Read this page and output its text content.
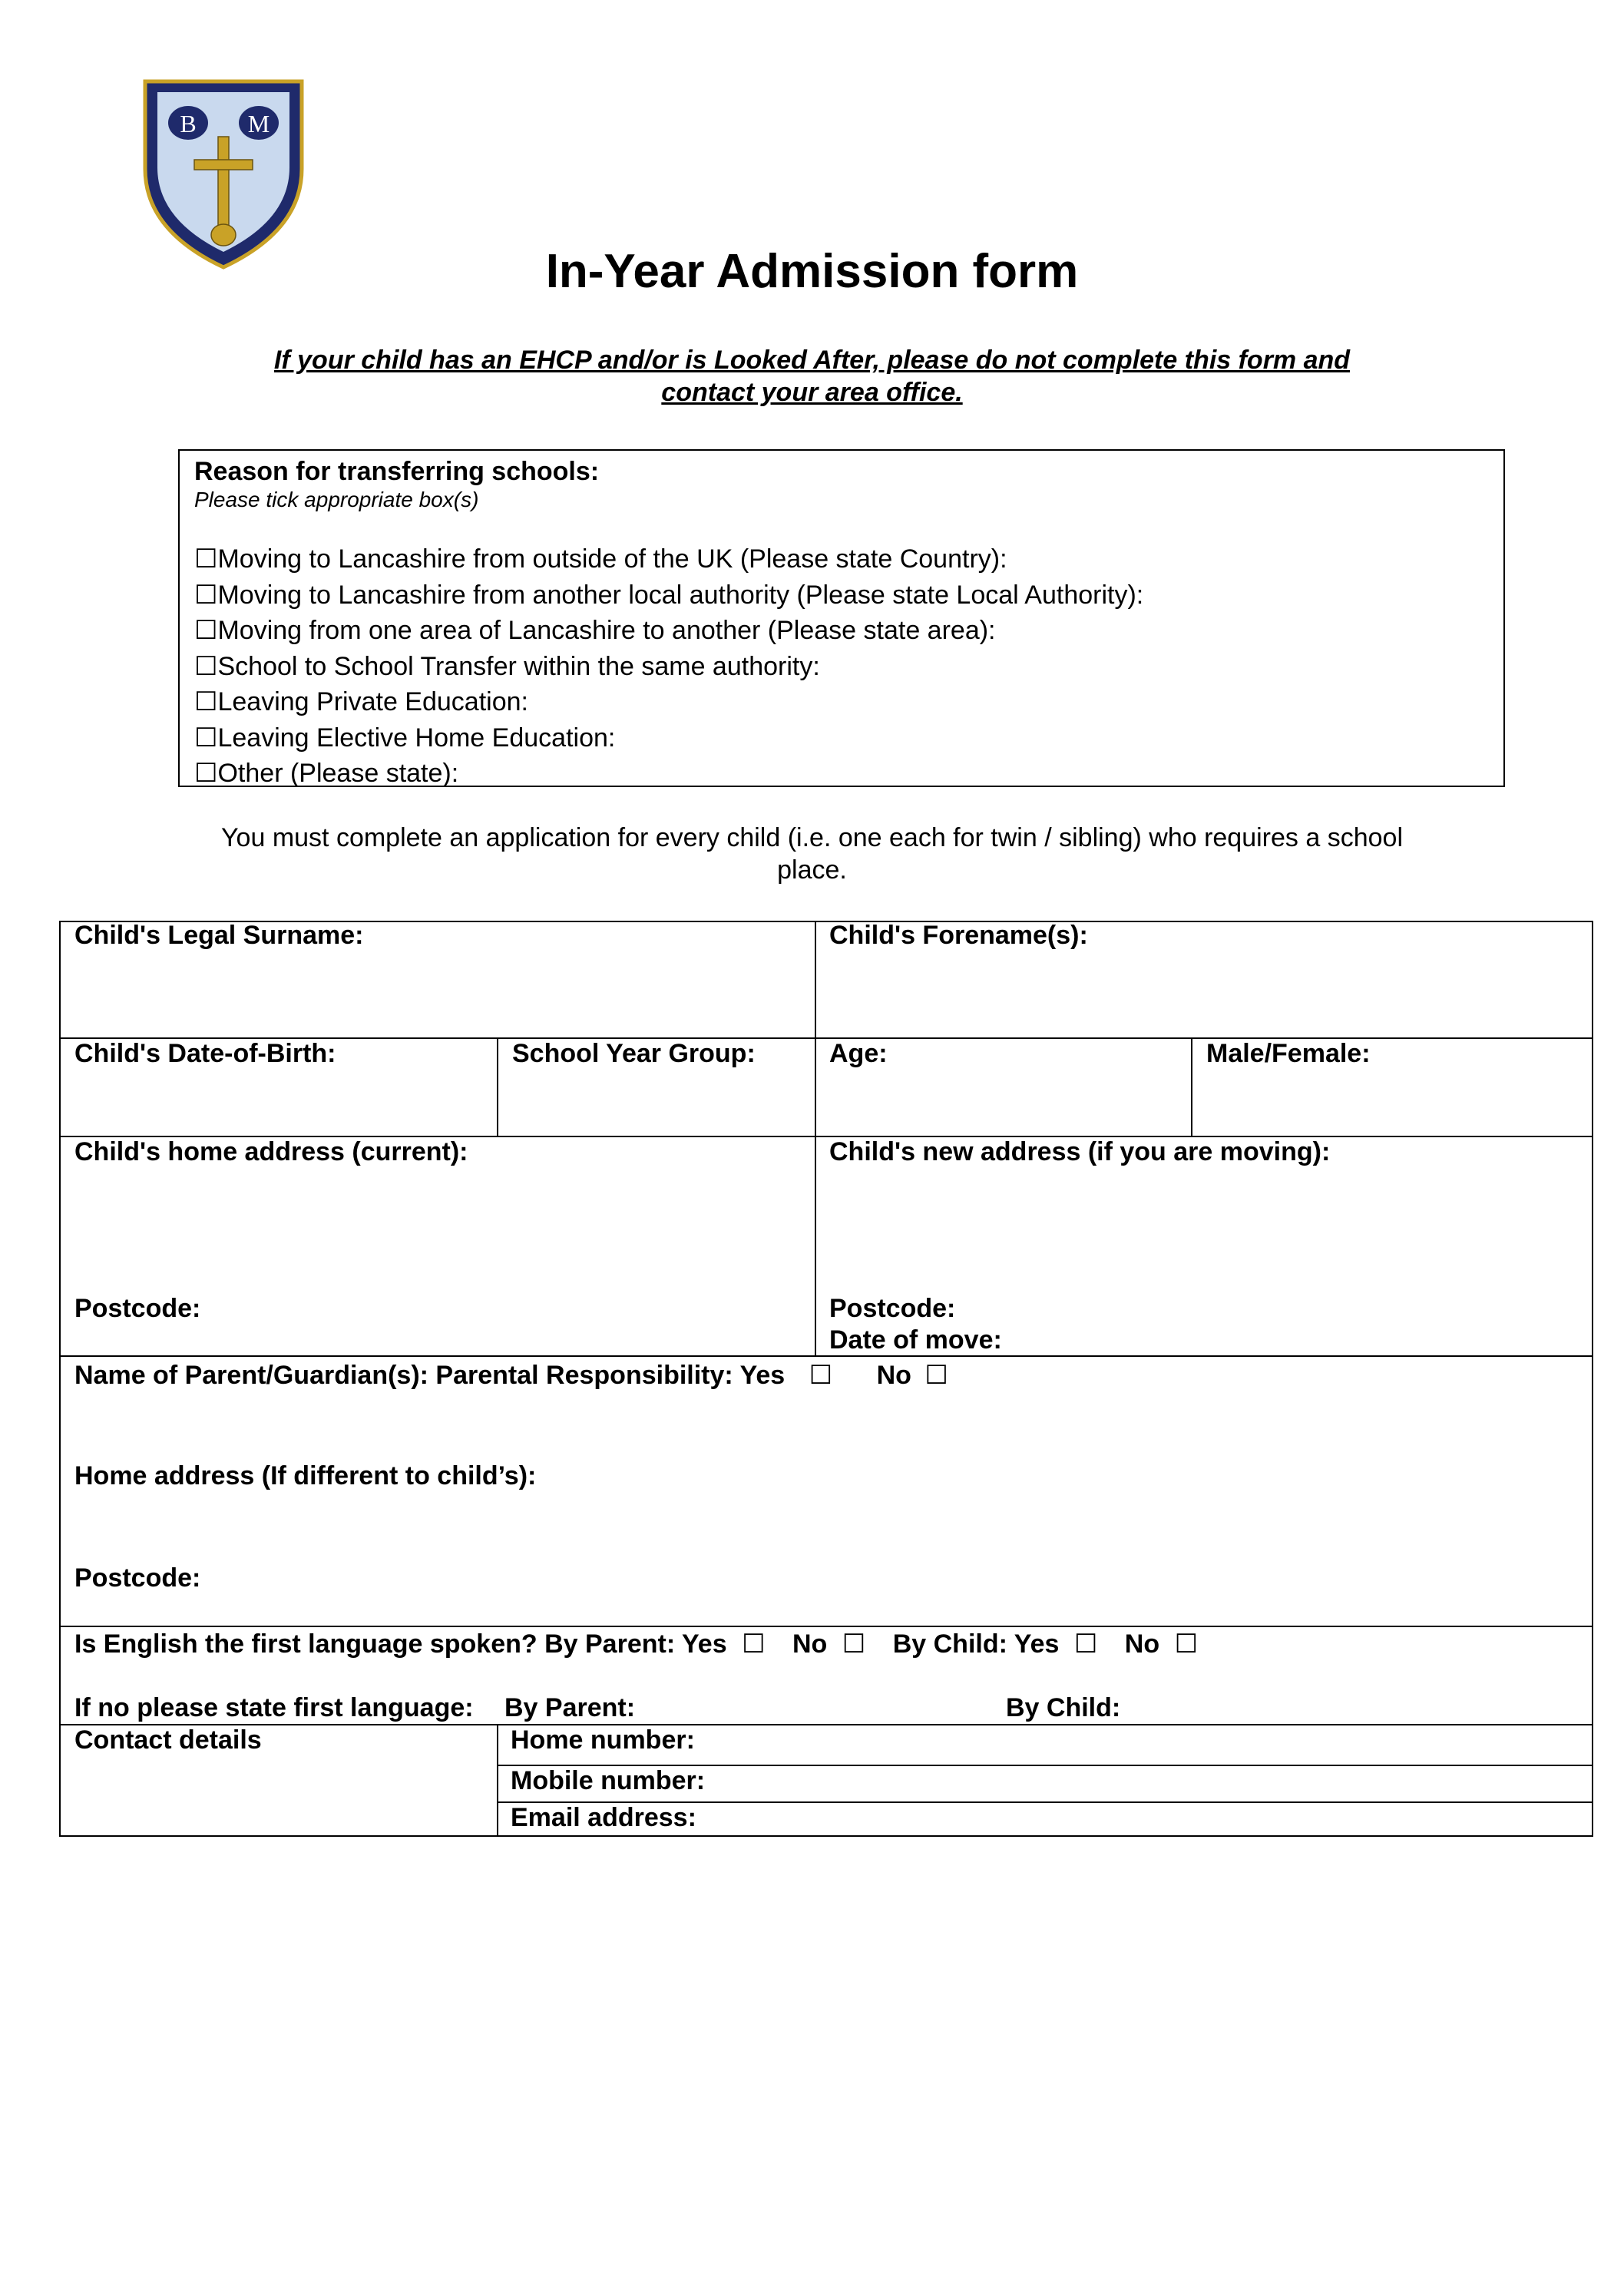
B M
In-Year Admission form
If your child has an EHCP and/or is Looked After, please do not complete this form and contact your area office.
Reason for transferring schools:
Please tick appropriate box(s)
☐Moving to Lancashire from outside of the UK (Please state Country):
☐Moving to Lancashire from another local authority (Please state Local Authority):
☐Moving from one area of Lancashire to another (Please state area):
☐School to School Transfer within the same authority:
☐Leaving Private Education:
☐Leaving Elective Home Education:
☐Other (Please state):
You must complete an application for every child (i.e. one each for twin / sibling) who requires a school place.
Child's Legal Surname:	Child's Forename(s):
Child's Date-of-Birth:	School Year Group:	Age:	Male/Female:
Child's home address (current):	Child's new address (if you are moving):
Postcode:	Postcode:
Date of move:
Name of Parent/Guardian(s): Parental Responsibility: Yes ☐ No ☐
Home address (If different to child’s):
Postcode:
Is English the first language spoken? By Parent: Yes ☐ No ☐ By Child: Yes ☐ No ☐
If no please state first language: By Parent:	By Child:
Contact details	Home number:
Mobile number:
Email address:
